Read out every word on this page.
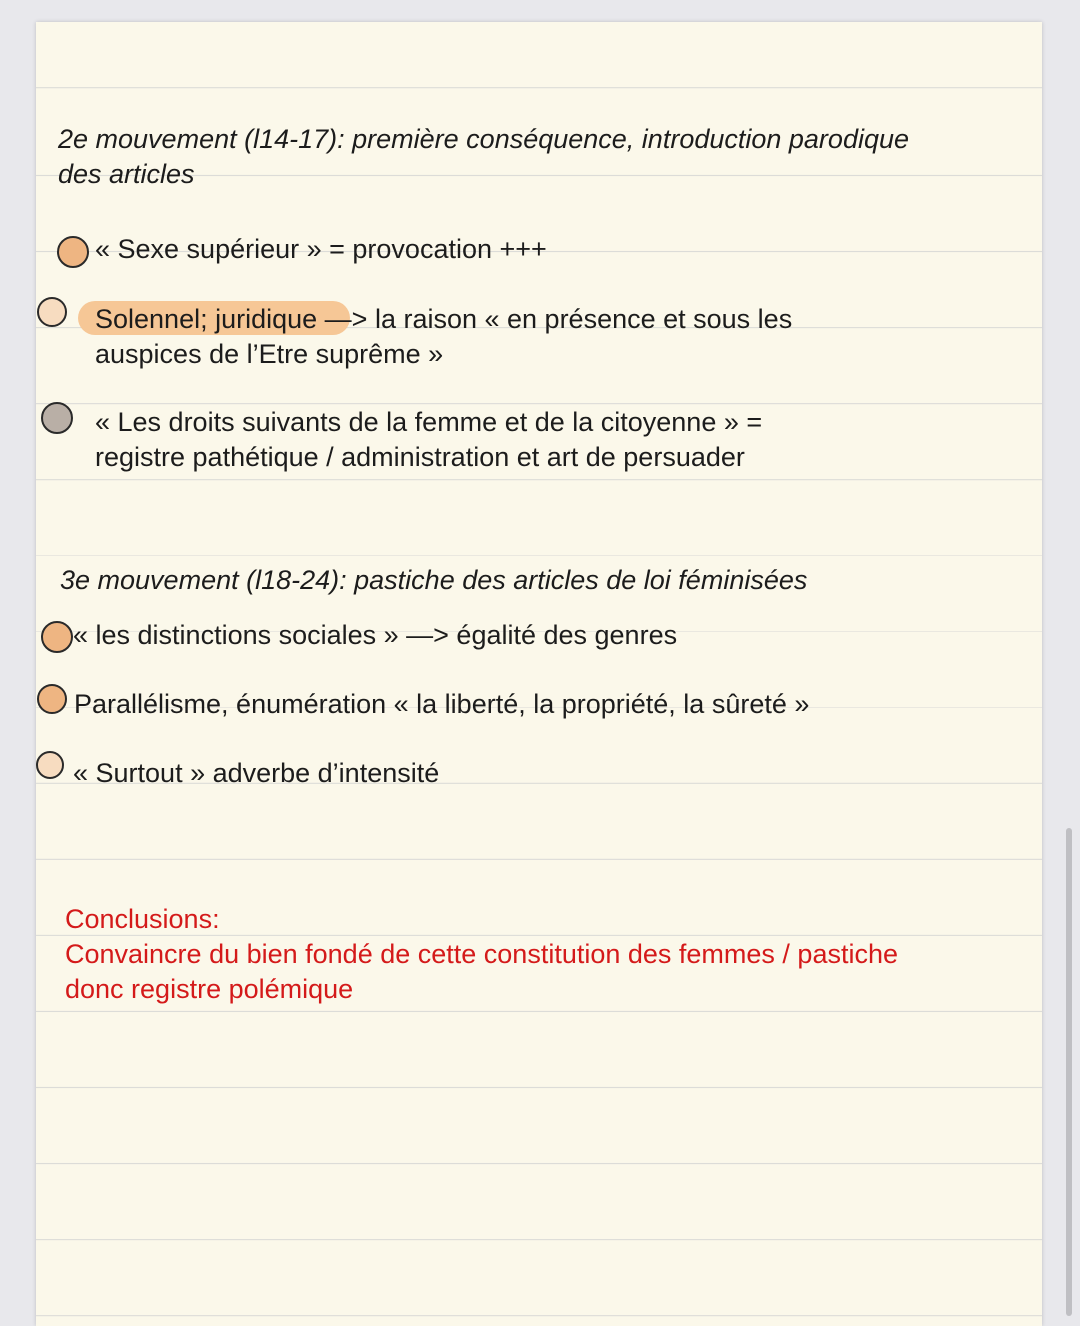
2e mouvement (l14-17): première conséquence, introduction parodique
des articles
« Sexe supérieur » = provocation +++
Solennel; juridique —> la raison « en présence et sous les
auspices de l’Etre suprême »
« Les droits suivants de la femme et de la citoyenne » =
registre pathétique / administration et art de persuader
3e mouvement (l18-24): pastiche des articles de loi féminisées
« les distinctions sociales » —> égalité des genres
Parallélisme, énumération « la liberté, la propriété, la sûreté »
« Surtout » adverbe d’intensité
Conclusions:
Convaincre du bien fondé de cette constitution des femmes / pastiche
donc registre polémique
